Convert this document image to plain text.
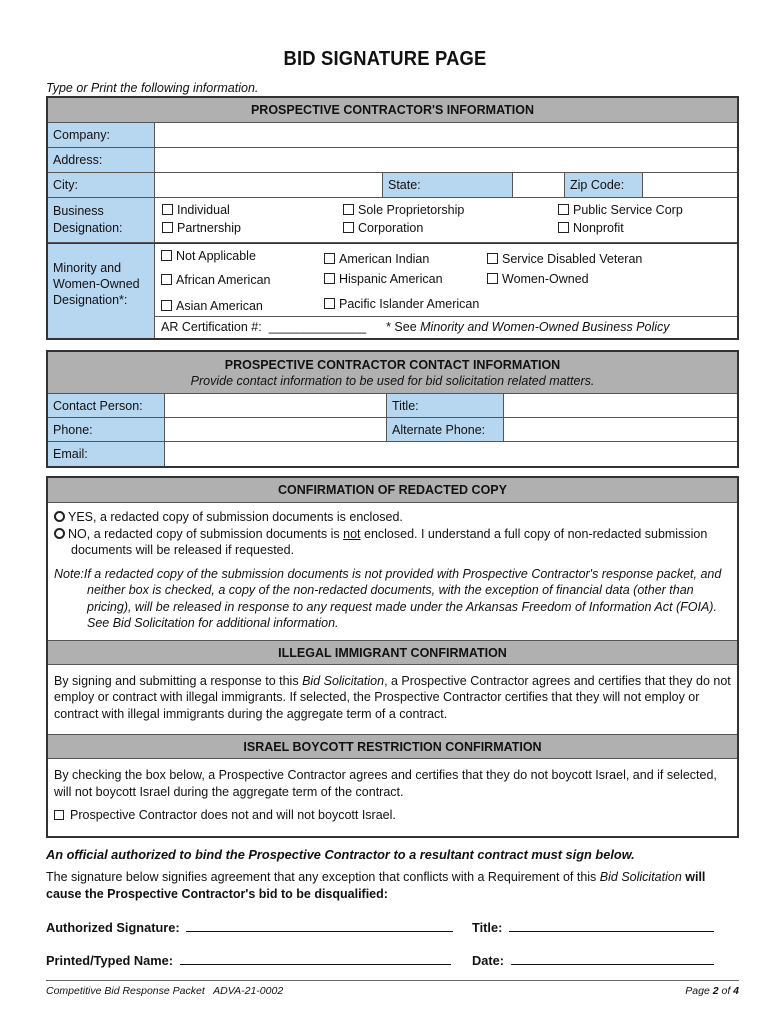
BID SIGNATURE PAGE
Type or Print the following information.
PROSPECTIVE CONTRACTOR'S INFORMATION
Company:
Address:
City:	State:	Zip Code:
Business Designation:
Individual	Sole Proprietorship	Public Service Corp
Partnership	Corporation	Nonprofit
Minority and Women-Owned Designation*:
Not Applicable	American Indian	Service Disabled Veteran
African American	Hispanic American	Women-Owned
Asian American	Pacific Islander American
AR Certification #: ______________ * See Minority and Women-Owned Business Policy
PROSPECTIVE CONTRACTOR CONTACT INFORMATION
Provide contact information to be used for bid solicitation related matters.
Contact Person:	Title:
Phone:	Alternate Phone:
Email:
CONFIRMATION OF REDACTED COPY
YES, a redacted copy of submission documents is enclosed.
NO, a redacted copy of submission documents is not enclosed. I understand a full copy of non-redacted submission documents will be released if requested.
Note:If a redacted copy of the submission documents is not provided with Prospective Contractor's response packet, and neither box is checked, a copy of the non-redacted documents, with the exception of financial data (other than pricing), will be released in response to any request made under the Arkansas Freedom of Information Act (FOIA). See Bid Solicitation for additional information.
ILLEGAL IMMIGRANT CONFIRMATION
By signing and submitting a response to this Bid Solicitation, a Prospective Contractor agrees and certifies that they do not employ or contract with illegal immigrants. If selected, the Prospective Contractor certifies that they will not employ or contract with illegal immigrants during the aggregate term of a contract.
ISRAEL BOYCOTT RESTRICTION CONFIRMATION
By checking the box below, a Prospective Contractor agrees and certifies that they do not boycott Israel, and if selected, will not boycott Israel during the aggregate term of the contract.
Prospective Contractor does not and will not boycott Israel.
An official authorized to bind the Prospective Contractor to a resultant contract must sign below.
The signature below signifies agreement that any exception that conflicts with a Requirement of this Bid Solicitation will cause the Prospective Contractor's bid to be disqualified:
Authorized Signature:	Title:
Printed/Typed Name:	Date:
Competitive Bid Response Packet   ADVA-21-0002	Page 2 of 4
